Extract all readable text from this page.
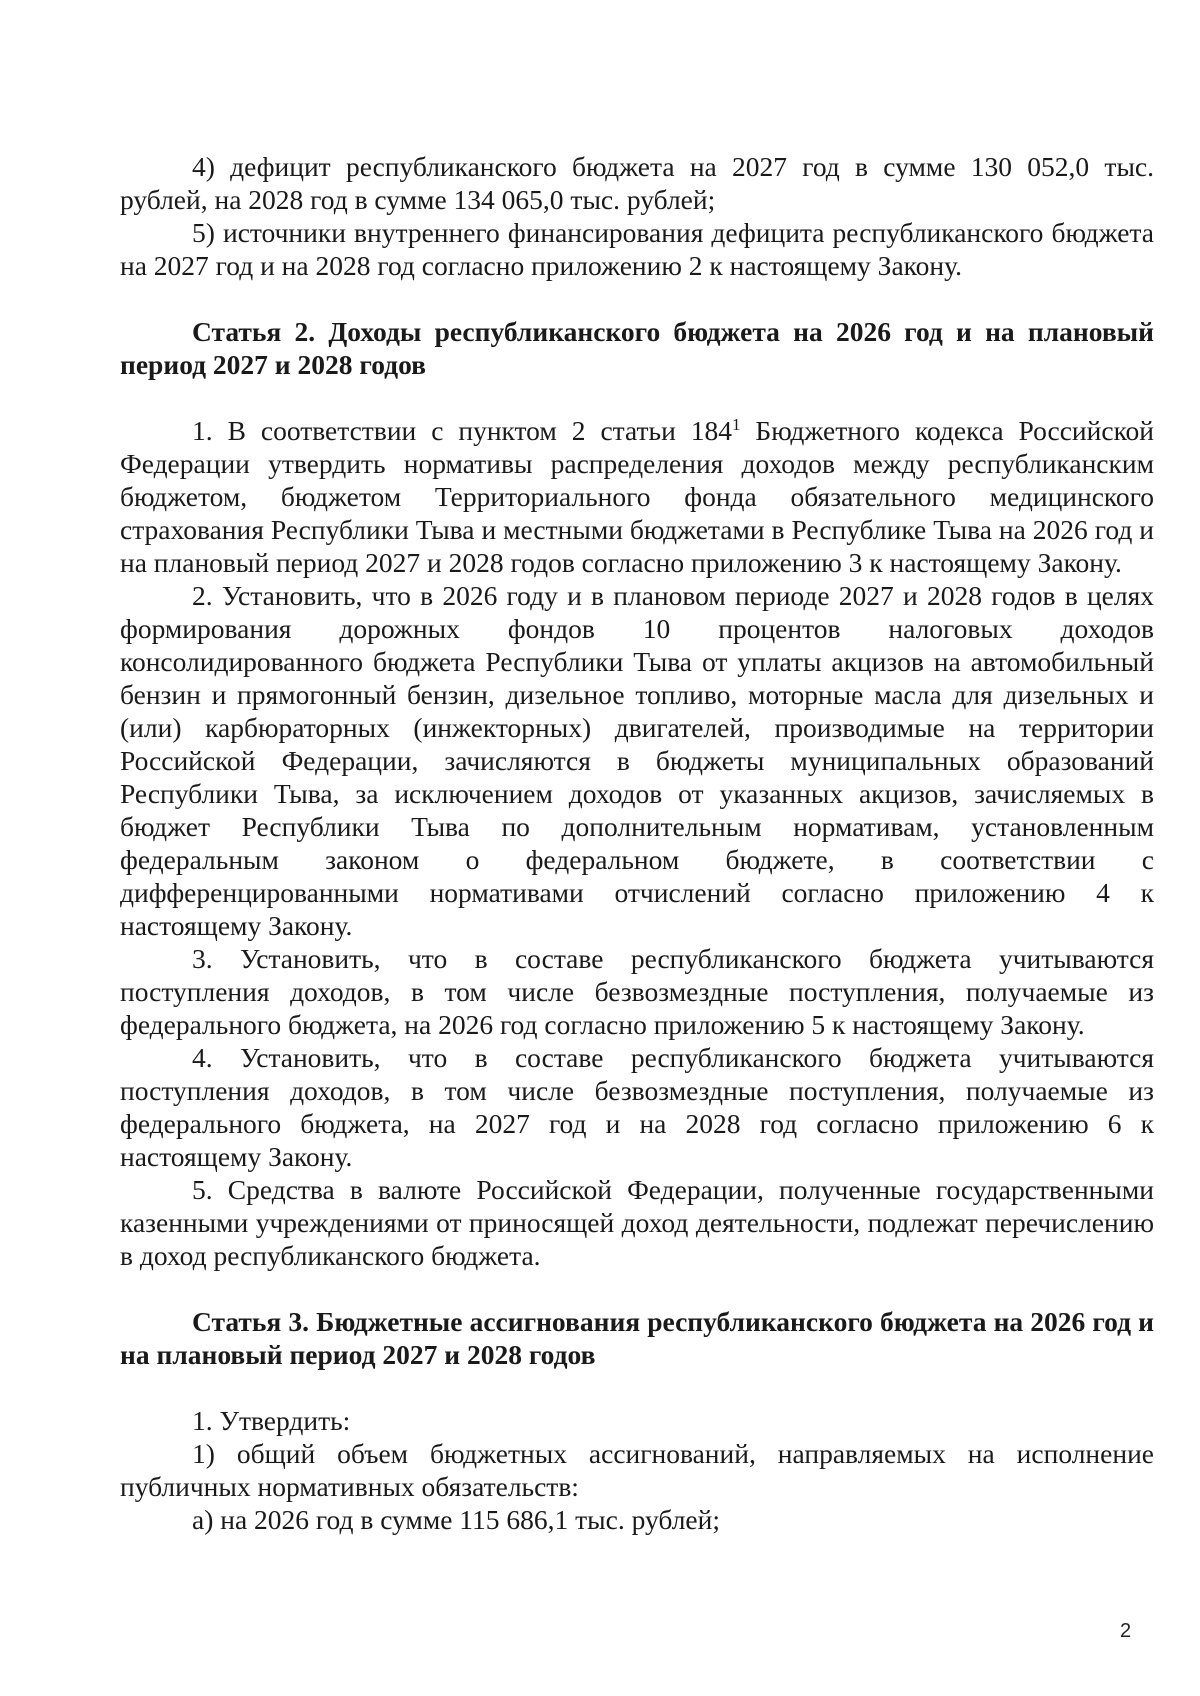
4) дефицит республиканского бюджета на 2027 год в сумме 130 052,0 тыс. рублей, на 2028 год в сумме 134 065,0 тыс. рублей;

5) источники внутреннего финансирования дефицита республиканского бюджета на 2027 год и на 2028 год согласно приложению 2 к настоящему Закону.

Статья 2. Доходы республиканского бюджета на 2026 год и на плановый период 2027 и 2028 годов

1. В соответствии с пунктом 2 статьи $184^1$ Бюджетного кодекса Российской Федерации утвердить нормативы распределения доходов между республиканским бюджетом, бюджетом Территориального фонда обязательного медицинского страхования Республики Тыва и местными бюджетами в Республике Тыва на 2026 год и на плановый период 2027 и 2028 годов согласно приложению 3 к настоящему Закону.

2. Установить, что в 2026 году и в плановом периоде 2027 и 2028 годов в целях формирования дорожных фондов 10 процентов налоговых доходов консолидированного бюджета Республики Тыва от уплаты акцизов на автомобильный бензин и прямогонный бензин, дизельное топливо, моторные масла для дизельных и (или) карбюраторных (инжекторных) двигателей, производимые на территории Российской Федерации, зачисляются в бюджеты муниципальных образований Республики Тыва, за исключением доходов от указанных акцизов, зачисляемых в бюджет Республики Тыва по дополнительным нормативам, установленным федеральным законом о федеральном бюджете, в соответствии с дифференцированными нормативами отчислений согласно приложению 4 к настоящему Закону.

3. Установить, что в составе республиканского бюджета учитываются поступления доходов, в том числе безвозмездные поступления, получаемые из федерального бюджета, на 2026 год согласно приложению 5 к настоящему Закону.

4. Установить, что в составе республиканского бюджета учитываются поступления доходов, в том числе безвозмездные поступления, получаемые из федерального бюджета, на 2027 год и на 2028 год согласно приложению 6 к настоящему Закону.

5. Средства в валюте Российской Федерации, полученные государственными казенными учреждениями от приносящей доход деятельности, подлежат перечислению в доход республиканского бюджета.

Статья 3. Бюджетные ассигнования республиканского бюджета на 2026 год и на плановый период 2027 и 2028 годов

1. Утвердить:

1) общий объем бюджетных ассигнований, направляемых на исполнение публичных нормативных обязательств:

а) на 2026 год в сумме 115 686,1 тыс. рублей;

2
